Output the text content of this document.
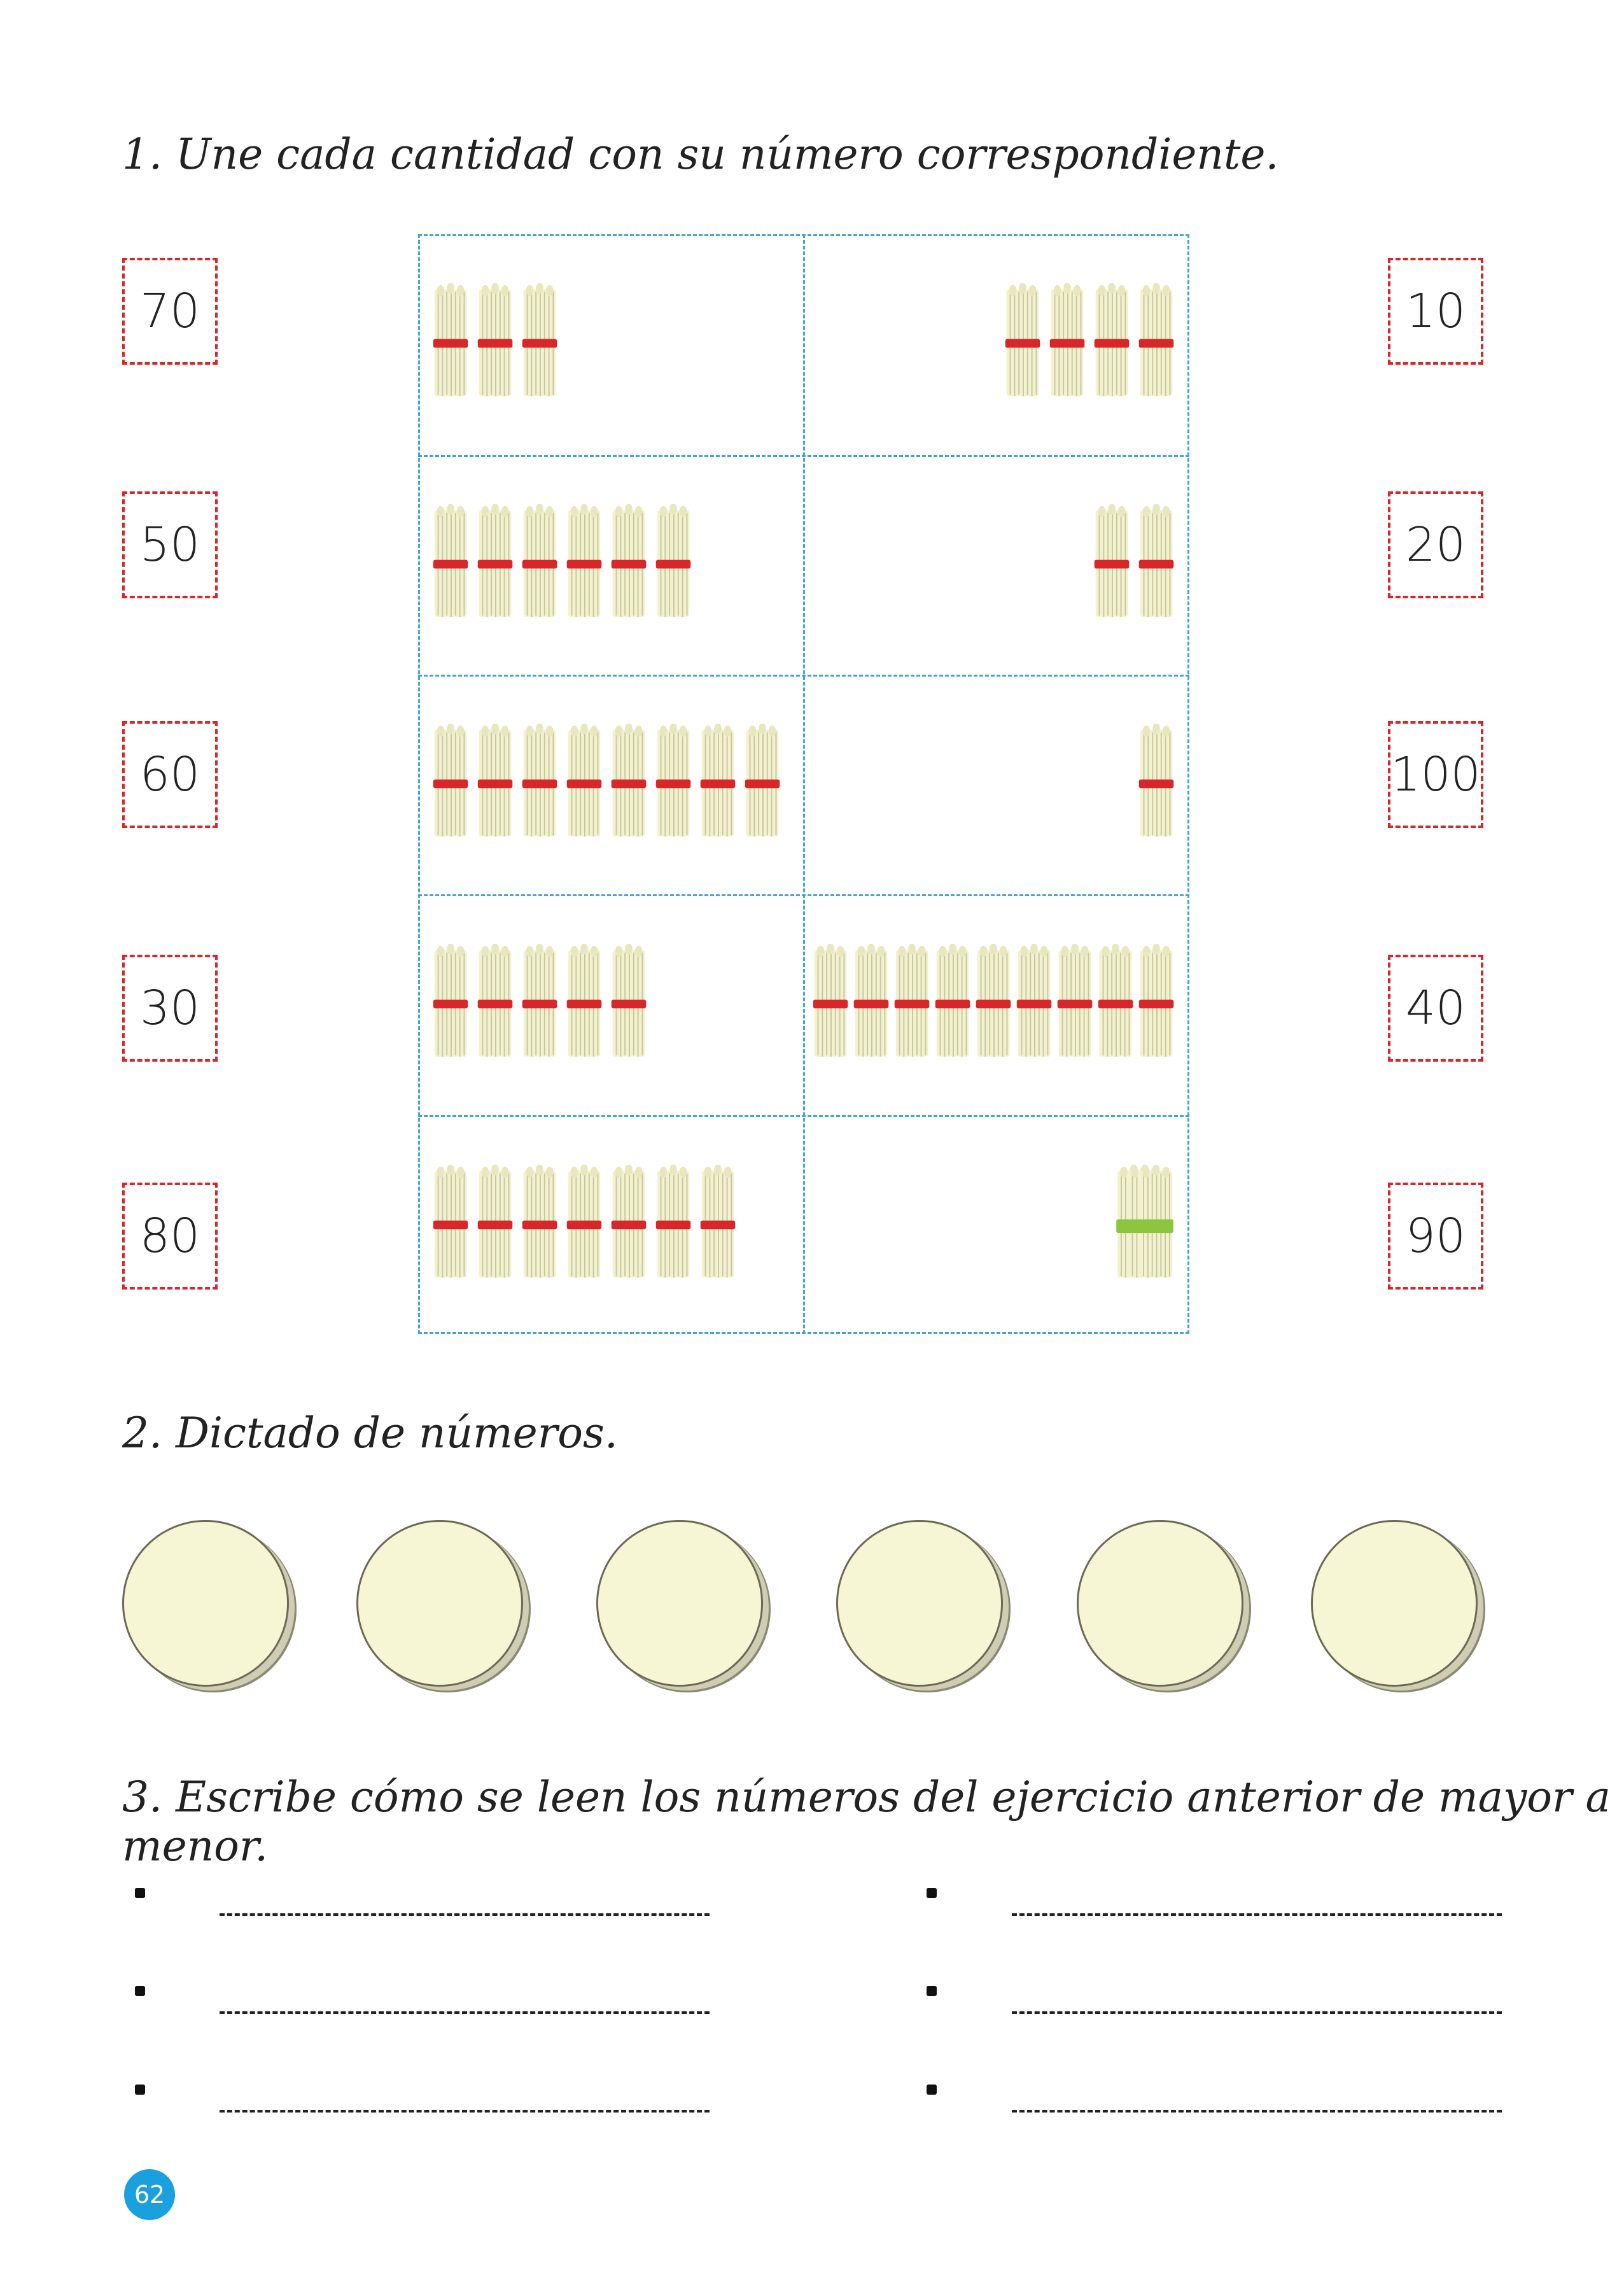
1. Une cada cantidad con su número correspondiente.
70
50
60
30
80
10
20
100
40
90
2. Dictado de números.
3. Escribe cómo se leen los números del ejercicio anterior de mayor a menor.
62
